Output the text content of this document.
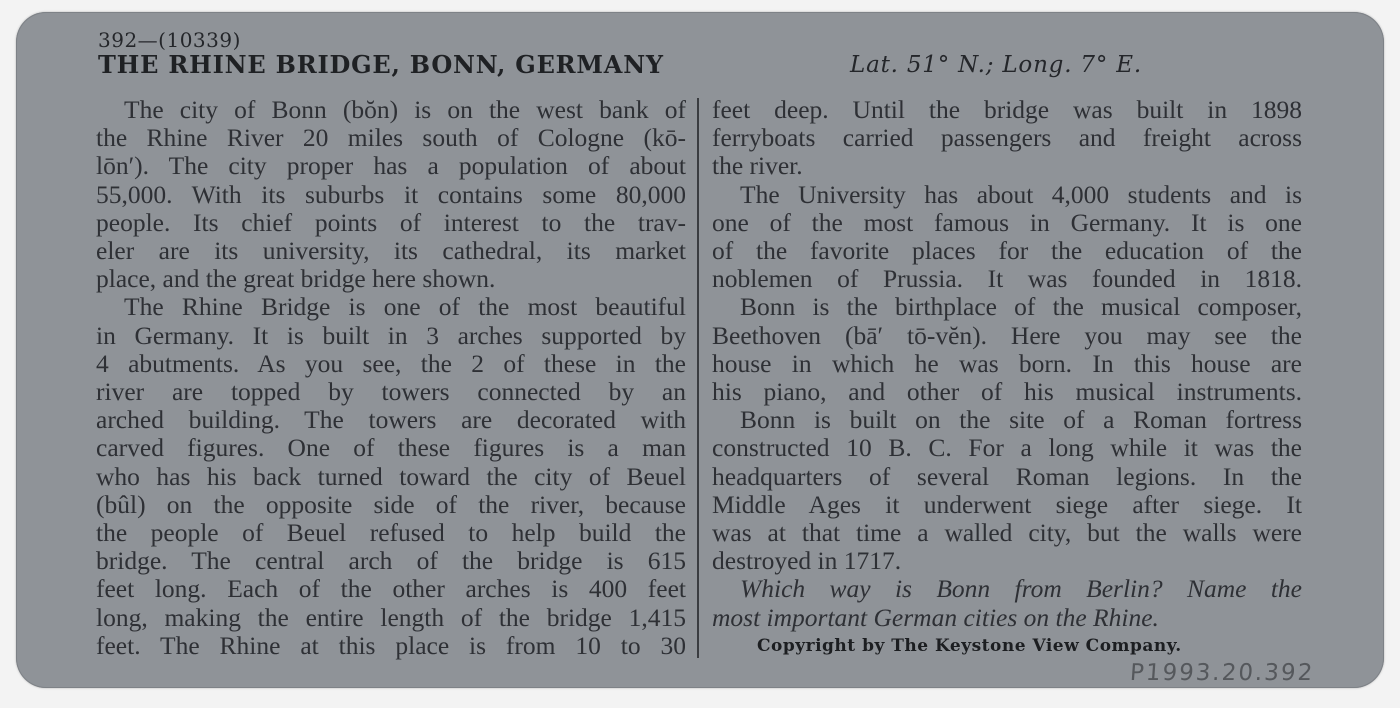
392—(10339)
THE RHINE BRIDGE, BONN, GERMANY	Lat. 51° N.; Long. 7° E.
The city of Bonn (bŏn) is on the west bank of
the Rhine River 20 miles south of Cologne (kō-
lōn′). The city proper has a population of about
55,000. With its suburbs it contains some 80,000
people. Its chief points of interest to the trav-
eler are its university, its cathedral, its market
place, and the great bridge here shown.
The Rhine Bridge is one of the most beautiful
in Germany. It is built in 3 arches supported by
4 abutments. As you see, the 2 of these in the
river are topped by towers connected by an
arched building. The towers are decorated with
carved figures. One of these figures is a man
who has his back turned toward the city of Beuel
(bûl) on the opposite side of the river, because
the people of Beuel refused to help build the
bridge. The central arch of the bridge is 615
feet long. Each of the other arches is 400 feet
long, making the entire length of the bridge 1,415
feet. The Rhine at this place is from 10 to 30
feet deep. Until the bridge was built in 1898
ferryboats carried passengers and freight across
the river.
The University has about 4,000 students and is
one of the most famous in Germany. It is one
of the favorite places for the education of the
noblemen of Prussia. It was founded in 1818.
Bonn is the birthplace of the musical composer,
Beethoven (bā′ tō-vĕn). Here you may see the
house in which he was born. In this house are
his piano, and other of his musical instruments.
Bonn is built on the site of a Roman fortress
constructed 10 B. C. For a long while it was the
headquarters of several Roman legions. In the
Middle Ages it underwent siege after siege. It
was at that time a walled city, but the walls were
destroyed in 1717.
Which way is Bonn from Berlin? Name the
most important German cities on the Rhine.
Copyright by The Keystone View Company.
P1993.20.392
